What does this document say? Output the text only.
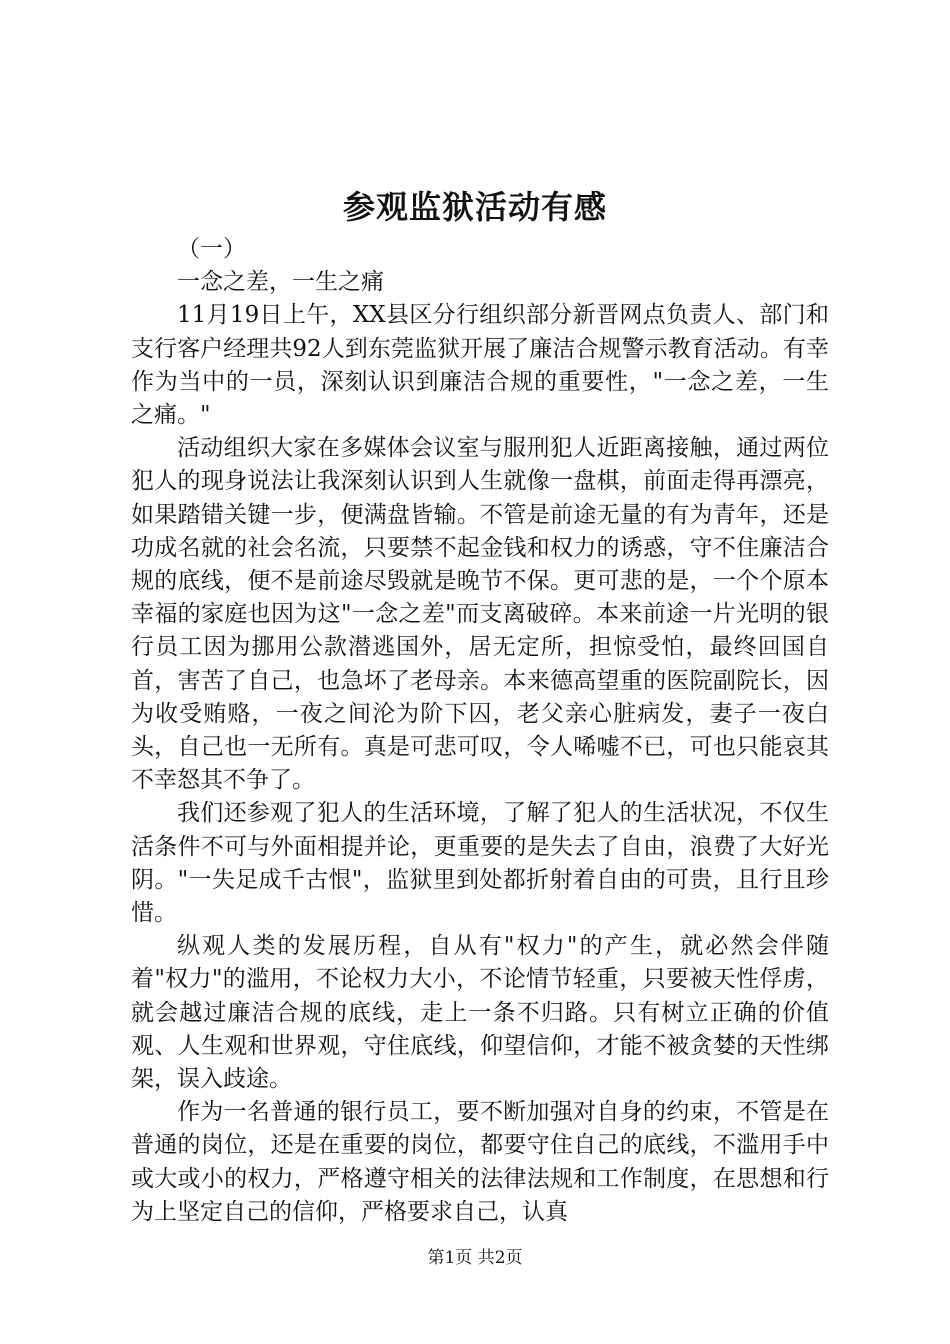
参观监狱活动有感

（一）

一念之差，一生之痛

11月19日上午，XX县区分行组织部分新晋网点负责人、部门和支行客户经理共92人到东莞监狱开展了廉洁合规警示教育活动。有幸作为当中的一员，深刻认识到廉洁合规的重要性，"一念之差，一生之痛。"

活动组织大家在多媒体会议室与服刑犯人近距离接触，通过两位犯人的现身说法让我深刻认识到人生就像一盘棋，前面走得再漂亮，如果踏错关键一步，便满盘皆输。不管是前途无量的有为青年，还是功成名就的社会名流，只要禁不起金钱和权力的诱惑，守不住廉洁合规的底线，便不是前途尽毁就是晚节不保。更可悲的是，一个个原本幸福的家庭也因为这"一念之差"而支离破碎。本来前途一片光明的银行员工因为挪用公款潜逃国外，居无定所，担惊受怕，最终回国自首，害苦了自己，也急坏了老母亲。本来德高望重的医院副院长，因为收受贿赂，一夜之间沦为阶下囚，老父亲心脏病发，妻子一夜白头，自己也一无所有。真是可悲可叹，令人唏嘘不已，可也只能哀其不幸怒其不争了。

我们还参观了犯人的生活环境，了解了犯人的生活状况，不仅生活条件不可与外面相提并论，更重要的是失去了自由，浪费了大好光阴。"一失足成千古恨"，监狱里到处都折射着自由的可贵，且行且珍惜。

纵观人类的发展历程，自从有"权力"的产生，就必然会伴随着"权力"的滥用，不论权力大小，不论情节轻重，只要被天性俘虏，就会越过廉洁合规的底线，走上一条不归路。只有树立正确的价值观、人生观和世界观，守住底线，仰望信仰，才能不被贪婪的天性绑架，误入歧途。

作为一名普通的银行员工，要不断加强对自身的约束，不管是在普通的岗位，还是在重要的岗位，都要守住自己的底线，不滥用手中或大或小的权力，严格遵守相关的法律法规和工作制度，在思想和行为上坚定自己的信仰，严格要求自己，认真

第1页 共2页
